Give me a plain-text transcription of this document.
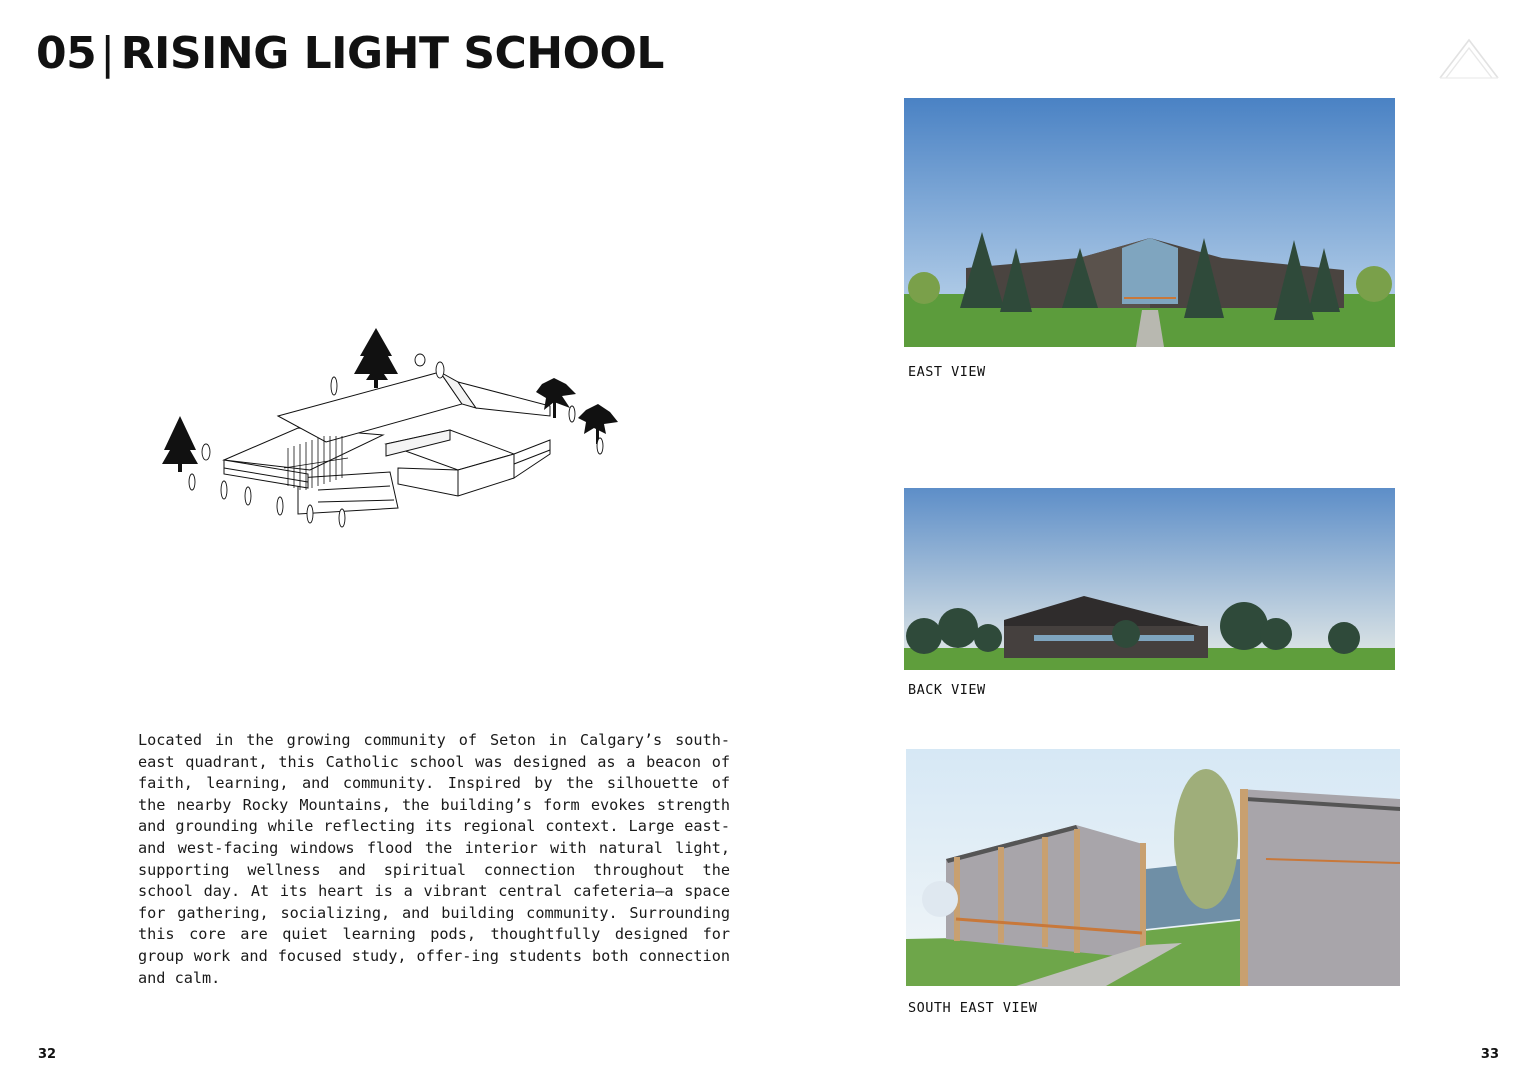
05| RISING LIGHT SCHOOL

Located in the growing community of Seton in Calgary’s south-east quadrant, this Catholic school was designed as a beacon of faith, learning, and community. Inspired by the silhouette of the nearby Rocky Mountains, the building’s form evokes strength and grounding while reflecting its regional context. Large east- and west-facing windows flood the interior with natural light, supporting wellness and spiritual connection throughout the school day. At its heart is a vibrant central cafeteria—a space for gathering, socializing, and building community. Surrounding this core are quiet learning pods, thoughtfully designed for group work and focused study, offer-ing students both connection and calm.

EAST VIEW

BACK VIEW

SOUTH EAST VIEW

32	33
